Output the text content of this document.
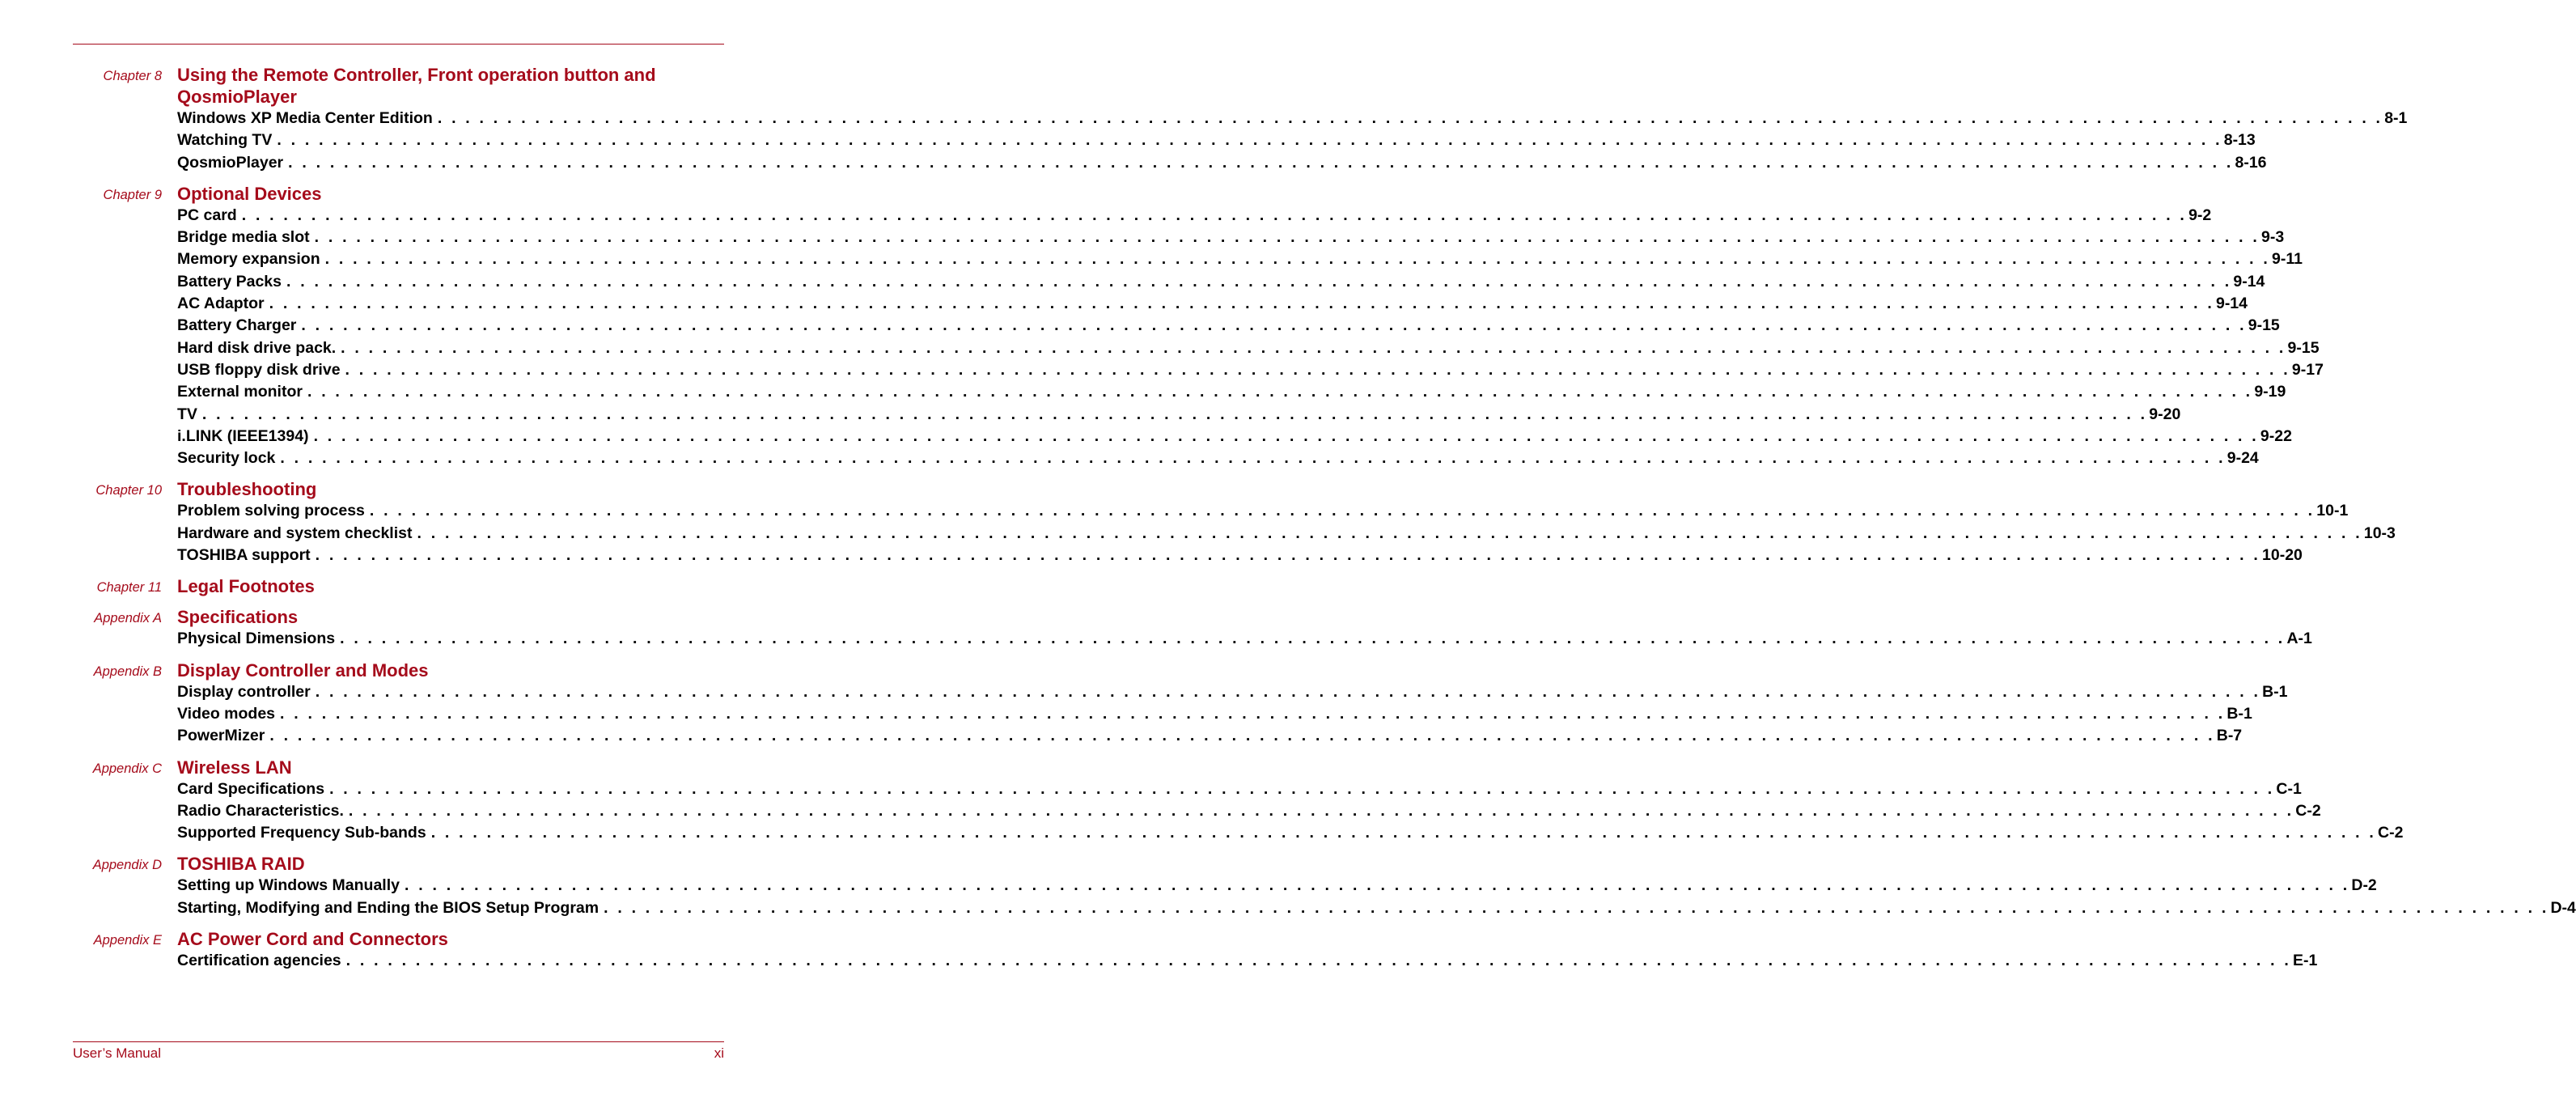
Chapter 8 Using the Remote Controller, Front operation button and QosmioPlayer
Windows XP Media Center Edition . . . . . . . . . . . . . . . . . . . . . . . . . . . . . . . . . . . . . . . . . . . . . . . . . . . . . . . . . . . . . . . . . . . . . . . . . . . . . . . . . . . . . . . . . . . . . . . . . . . . . . . . . . . . . . . . . . . . . . . . . . . . . . . . . . . . . . . . . . . . 8-1
Watching TV . . . . . . . . . . . . . . . . . . . . . . . . . . . . . . . . . . . . . . . . . . . . . . . . . . . . . . . . . . . . . . . . . . . . . . . . . . . . . . . . . . . . . . . . . . . . . . . . . . . . . . . . . . . . . . . . . . . . . . . . . . . . . . . . . . . . . . . . . . . . 8-13
QosmioPlayer . . . . . . . . . . . . . . . . . . . . . . . . . . . . . . . . . . . . . . . . . . . . . . . . . . . . . . . . . . . . . . . . . . . . . . . . . . . . . . . . . . . . . . . . . . . . . . . . . . . . . . . . . . . . . . . . . . . . . . . . . . . . . . . . . . . . . . . . . . . . 8-16
Chapter 9 Optional Devices
PC card . . . . . . . . . . . . . . . . . . . . . . . . . . . . . . . . . . . . . . . . . . . . . . . . . . . . . . . . . . . . . . . . . . . . . . . . . . . . . . . . . . . . . . . . . . . . . . . . . . . . . . . . . . . . . . . . . . . . . . . . . . . . . . . . . . . . . . . . . . . . 9-2
Bridge media slot . . . . . . . . . . . . . . . . . . . . . . . . . . . . . . . . . . . . . . . . . . . . . . . . . . . . . . . . . . . . . . . . . . . . . . . . . . . . . . . . . . . . . . . . . . . . . . . . . . . . . . . . . . . . . . . . . . . . . . . . . . . . . . . . . . . . . . . . . . . . 9-3
Memory expansion . . . . . . . . . . . . . . . . . . . . . . . . . . . . . . . . . . . . . . . . . . . . . . . . . . . . . . . . . . . . . . . . . . . . . . . . . . . . . . . . . . . . . . . . . . . . . . . . . . . . . . . . . . . . . . . . . . . . . . . . . . . . . . . . . . . . . . . . . . . . 9-11
Battery Packs . . . . . . . . . . . . . . . . . . . . . . . . . . . . . . . . . . . . . . . . . . . . . . . . . . . . . . . . . . . . . . . . . . . . . . . . . . . . . . . . . . . . . . . . . . . . . . . . . . . . . . . . . . . . . . . . . . . . . . . . . . . . . . . . . . . . . . . . . . . . 9-14
AC Adaptor . . . . . . . . . . . . . . . . . . . . . . . . . . . . . . . . . . . . . . . . . . . . . . . . . . . . . . . . . . . . . . . . . . . . . . . . . . . . . . . . . . . . . . . . . . . . . . . . . . . . . . . . . . . . . . . . . . . . . . . . . . . . . . . . . . . . . . . . . . . . 9-14
Battery Charger . . . . . . . . . . . . . . . . . . . . . . . . . . . . . . . . . . . . . . . . . . . . . . . . . . . . . . . . . . . . . . . . . . . . . . . . . . . . . . . . . . . . . . . . . . . . . . . . . . . . . . . . . . . . . . . . . . . . . . . . . . . . . . . . . . . . . . . . . . . . 9-15
Hard disk drive pack. . . . . . . . . . . . . . . . . . . . . . . . . . . . . . . . . . . . . . . . . . . . . . . . . . . . . . . . . . . . . . . . . . . . . . . . . . . . . . . . . . . . . . . . . . . . . . . . . . . . . . . . . . . . . . . . . . . . . . . . . . . . . . . . . . . . . . . . . . . . . 9-15
USB floppy disk drive . . . . . . . . . . . . . . . . . . . . . . . . . . . . . . . . . . . . . . . . . . . . . . . . . . . . . . . . . . . . . . . . . . . . . . . . . . . . . . . . . . . . . . . . . . . . . . . . . . . . . . . . . . . . . . . . . . . . . . . . . . . . . . . . . . . . . . . . . . . . 9-17
External monitor . . . . . . . . . . . . . . . . . . . . . . . . . . . . . . . . . . . . . . . . . . . . . . . . . . . . . . . . . . . . . . . . . . . . . . . . . . . . . . . . . . . . . . . . . . . . . . . . . . . . . . . . . . . . . . . . . . . . . . . . . . . . . . . . . . . . . . . . . . . . 9-19
TV . . . . . . . . . . . . . . . . . . . . . . . . . . . . . . . . . . . . . . . . . . . . . . . . . . . . . . . . . . . . . . . . . . . . . . . . . . . . . . . . . . . . . . . . . . . . . . . . . . . . . . . . . . . . . . . . . . . . . . . . . . . . . . . . . . . . . . . . . . . . 9-20
i.LINK (IEEE1394) . . . . . . . . . . . . . . . . . . . . . . . . . . . . . . . . . . . . . . . . . . . . . . . . . . . . . . . . . . . . . . . . . . . . . . . . . . . . . . . . . . . . . . . . . . . . . . . . . . . . . . . . . . . . . . . . . . . . . . . . . . . . . . . . . . . . . . . . . . . . 9-22
Security lock . . . . . . . . . . . . . . . . . . . . . . . . . . . . . . . . . . . . . . . . . . . . . . . . . . . . . . . . . . . . . . . . . . . . . . . . . . . . . . . . . . . . . . . . . . . . . . . . . . . . . . . . . . . . . . . . . . . . . . . . . . . . . . . . . . . . . . . . . . . . 9-24
Chapter 10 Troubleshooting
Problem solving process . . . . . . . . . . . . . . . . . . . . . . . . . . . . . . . . . . . . . . . . . . . . . . . . . . . . . . . . . . . . . . . . . . . . . . . . . . . . . . . . . . . . . . . . . . . . . . . . . . . . . . . . . . . . . . . . . . . . . . . . . . . . . . . . . . . . . . . . . . . . 10-1
Hardware and system checklist . . . . . . . . . . . . . . . . . . . . . . . . . . . . . . . . . . . . . . . . . . . . . . . . . . . . . . . . . . . . . . . . . . . . . . . . . . . . . . . . . . . . . . . . . . . . . . . . . . . . . . . . . . . . . . . . . . . . . . . . . . . . . . . . . . . . . . . . . . . . 10-3
TOSHIBA support . . . . . . . . . . . . . . . . . . . . . . . . . . . . . . . . . . . . . . . . . . . . . . . . . . . . . . . . . . . . . . . . . . . . . . . . . . . . . . . . . . . . . . . . . . . . . . . . . . . . . . . . . . . . . . . . . . . . . . . . . . . . . . . . . . . . . . . . . . . . 10-20
Chapter 11 Legal Footnotes
Appendix A Specifications
Physical Dimensions . . . . . . . . . . . . . . . . . . . . . . . . . . . . . . . . . . . . . . . . . . . . . . . . . . . . . . . . . . . . . . . . . . . . . . . . . . . . . . . . . . . . . . . . . . . . . . . . . . . . . . . . . . . . . . . . . . . . . . . . . . . . . . . . . . . . . . . . . . . . A-1
Appendix B Display Controller and Modes
Display controller . . . . . . . . . . . . . . . . . . . . . . . . . . . . . . . . . . . . . . . . . . . . . . . . . . . . . . . . . . . . . . . . . . . . . . . . . . . . . . . . . . . . . . . . . . . . . . . . . . . . . . . . . . . . . . . . . . . . . . . . . . . . . . . . . . . . . . . . . . . . B-1
Video modes . . . . . . . . . . . . . . . . . . . . . . . . . . . . . . . . . . . . . . . . . . . . . . . . . . . . . . . . . . . . . . . . . . . . . . . . . . . . . . . . . . . . . . . . . . . . . . . . . . . . . . . . . . . . . . . . . . . . . . . . . . . . . . . . . . . . . . . . . . . . B-1
PowerMizer . . . . . . . . . . . . . . . . . . . . . . . . . . . . . . . . . . . . . . . . . . . . . . . . . . . . . . . . . . . . . . . . . . . . . . . . . . . . . . . . . . . . . . . . . . . . . . . . . . . . . . . . . . . . . . . . . . . . . . . . . . . . . . . . . . . . . . . . . . . . B-7
Appendix C Wireless LAN
Card Specifications . . . . . . . . . . . . . . . . . . . . . . . . . . . . . . . . . . . . . . . . . . . . . . . . . . . . . . . . . . . . . . . . . . . . . . . . . . . . . . . . . . . . . . . . . . . . . . . . . . . . . . . . . . . . . . . . . . . . . . . . . . . . . . . . . . . . . . . . . . . . C-1
Radio Characteristics. . . . . . . . . . . . . . . . . . . . . . . . . . . . . . . . . . . . . . . . . . . . . . . . . . . . . . . . . . . . . . . . . . . . . . . . . . . . . . . . . . . . . . . . . . . . . . . . . . . . . . . . . . . . . . . . . . . . . . . . . . . . . . . . . . . . . . . . . . . . . C-2
Supported Frequency Sub-bands . . . . . . . . . . . . . . . . . . . . . . . . . . . . . . . . . . . . . . . . . . . . . . . . . . . . . . . . . . . . . . . . . . . . . . . . . . . . . . . . . . . . . . . . . . . . . . . . . . . . . . . . . . . . . . . . . . . . . . . . . . . . . . . . . . . . . . . . . . . . C-2
Appendix D TOSHIBA RAID
Setting up Windows Manually . . . . . . . . . . . . . . . . . . . . . . . . . . . . . . . . . . . . . . . . . . . . . . . . . . . . . . . . . . . . . . . . . . . . . . . . . . . . . . . . . . . . . . . . . . . . . . . . . . . . . . . . . . . . . . . . . . . . . . . . . . . . . . . . . . . . . . . . . . . . D-2
Starting, Modifying and Ending the BIOS Setup Program . . . . . . . . . . . . . . . . . . . . . . . . . . . . . . . . . . . . . . . . . . . . . . . . . . . . . . . . . . . . . . . . . . . . . . . . . . . . . . . . . . . . . . . . . . . . . . . . . . . . . . . . . . . . . . . . . . . . . . . . . . . . . . . . . . . . . . . . . . . . D-4
Appendix E AC Power Cord and Connectors
Certification agencies . . . . . . . . . . . . . . . . . . . . . . . . . . . . . . . . . . . . . . . . . . . . . . . . . . . . . . . . . . . . . . . . . . . . . . . . . . . . . . . . . . . . . . . . . . . . . . . . . . . . . . . . . . . . . . . . . . . . . . . . . . . . . . . . . . . . . . . . . . . . E-1
User’s Manual	xi
